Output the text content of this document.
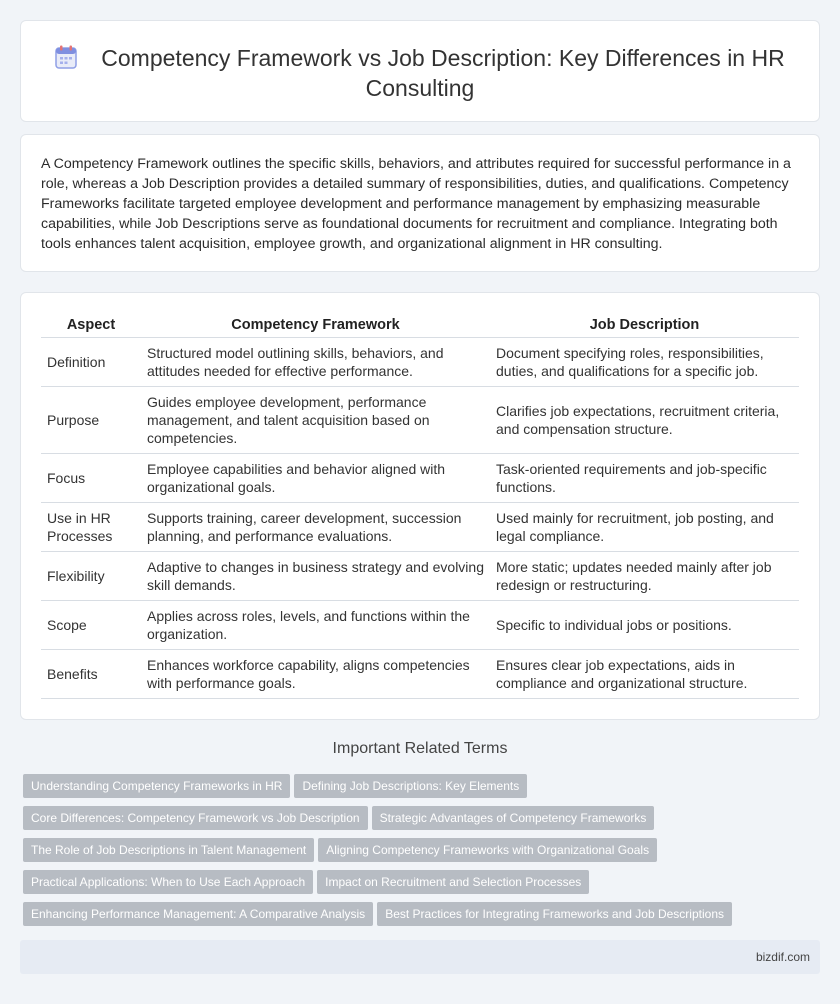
Competency Framework vs Job Description: Key Differences in HR Consulting

A Competency Framework outlines the specific skills, behaviors, and attributes required for successful performance in a role, whereas a Job Description provides a detailed summary of responsibilities, duties, and qualifications. Competency Frameworks facilitate targeted employee development and performance management by emphasizing measurable capabilities, while Job Descriptions serve as foundational documents for recruitment and compliance. Integrating both tools enhances talent acquisition, employee growth, and organizational alignment in HR consulting.

Aspect	Competency Framework	Job Description
Definition	Structured model outlining skills, behaviors, and attitudes needed for effective performance.	Document specifying roles, responsibilities, duties, and qualifications for a specific job.
Purpose	Guides employee development, performance management, and talent acquisition based on competencies.	Clarifies job expectations, recruitment criteria, and compensation structure.
Focus	Employee capabilities and behavior aligned with organizational goals.	Task-oriented requirements and job-specific functions.
Use in HR Processes	Supports training, career development, succession planning, and performance evaluations.	Used mainly for recruitment, job posting, and legal compliance.
Flexibility	Adaptive to changes in business strategy and evolving skill demands.	More static; updates needed mainly after job redesign or restructuring.
Scope	Applies across roles, levels, and functions within the organization.	Specific to individual jobs or positions.
Benefits	Enhances workforce capability, aligns competencies with performance goals.	Ensures clear job expectations, aids in compliance and organizational structure.
Important Related Terms
Understanding Competency Frameworks in HR Defining Job Descriptions: Key Elements
Core Differences: Competency Framework vs Job Description Strategic Advantages of Competency Frameworks
The Role of Job Descriptions in Talent Management Aligning Competency Frameworks with Organizational Goals
Practical Applications: When to Use Each Approach Impact on Recruitment and Selection Processes
Enhancing Performance Management: A Comparative Analysis Best Practices for Integrating Frameworks and Job Descriptions
bizdif.com
